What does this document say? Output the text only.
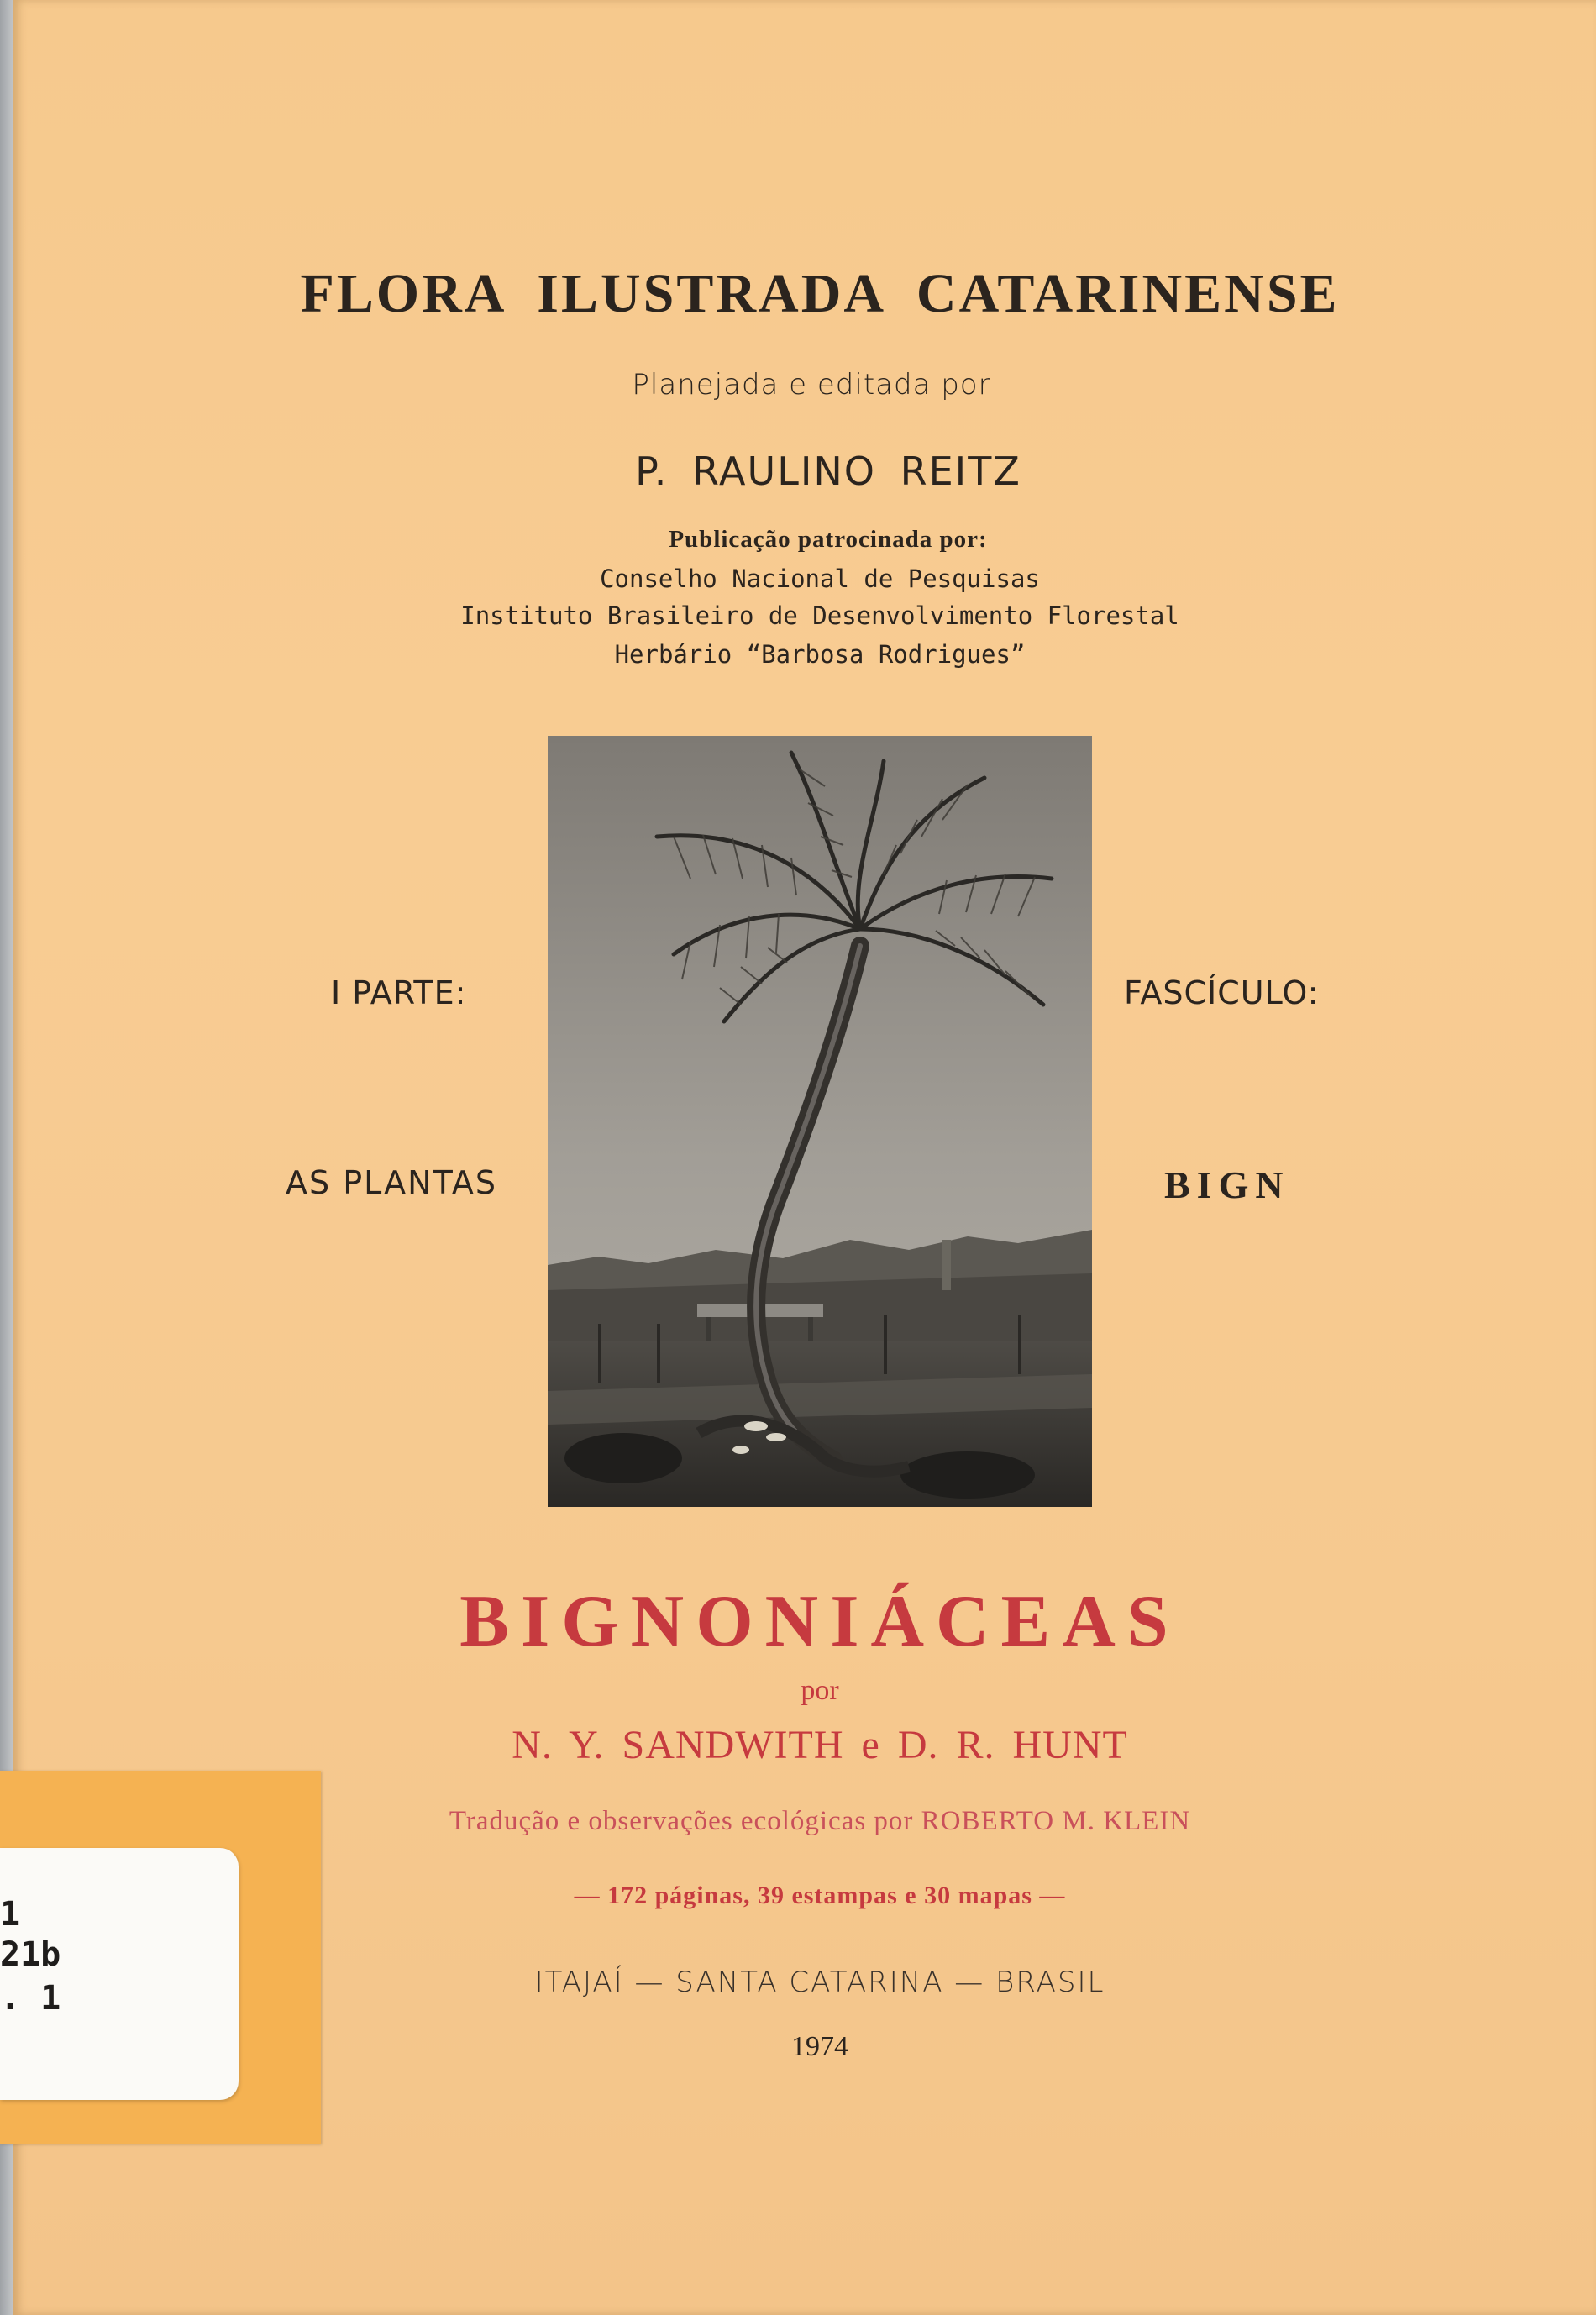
FLORA ILUSTRADA CATARINENSE

Planejada e editada por

P. RAULINO REITZ

Publicação patrocinada por:

Conselho Nacional de Pesquisas

Instituto Brasileiro de Desenvolvimento Florestal

Herbário “Barbosa Rodrigues”

I PARTE:
AS PLANTAS
FASCÍCULO:
BIGN
BIGNONIÁCEAS

por

N. Y. SANDWITH e D. R. HUNT

Tradução e observações ecológicas por ROBERTO M. KLEIN

— 172 páginas, 39 estampas e 30 mapas —

ITAJAÍ — SANTA CATARINA — BRASIL

1974

1
21b
. 1
